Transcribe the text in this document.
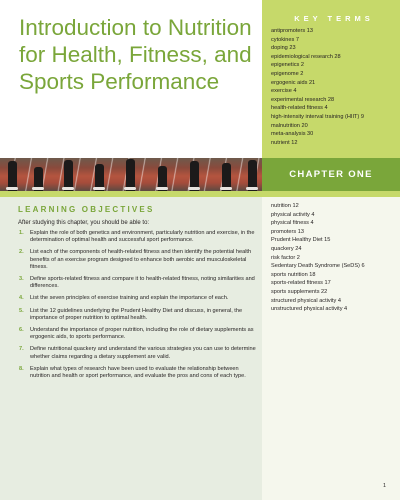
Introduction to Nutrition for Health, Fitness, and Sports Performance
KEY TERMS
antipromoters 13
cytokines 7
doping 23
epidemiological research 28
epigenetics 2
epigenome 2
ergogenic aids 21
exercise 4
experimental research 28
health-related fitness 4
high-intensity interval training (HIIT) 9
malnutrition 20
meta-analysis 30
nutrient 12
CHAPTER ONE
LEARNING OBJECTIVES

After studying this chapter, you should be able to:

1. Explain the role of both genetics and environment, particularly nutrition and exercise, in the determination of optimal health and successful sport performance.
2. List each of the components of health-related fitness and then identify the potential health benefits of an exercise program designed to enhance both aerobic and musculoskeletal fitness.
3. Define sports-related fitness and compare it to health-related fitness, noting similarities and differences.
4. List the seven principles of exercise training and explain the importance of each.
5. List the 12 guidelines underlying the Prudent Healthy Diet and discuss, in general, the importance of proper nutrition to optimal health.
6. Understand the importance of proper nutrition, including the role of dietary supplements as ergogenic aids, to sports performance.
7. Define nutritional quackery and understand the various strategies you can use to determine whether claims regarding a dietary supplement are valid.
8. Explain what types of research have been used to evaluate the relationship between nutrition and health or sport performance, and evaluate the pros and cons of each type.
nutrition 12
physical activity 4
physical fitness 4
promoters 13
Prudent Healthy Diet 15
quackery 24
risk factor 2
Sedentary Death Syndrome (SeDS) 6
sports nutrition 18
sports-related fitness 17
sports supplements 22
structured physical activity 4
unstructured physical activity 4
1
